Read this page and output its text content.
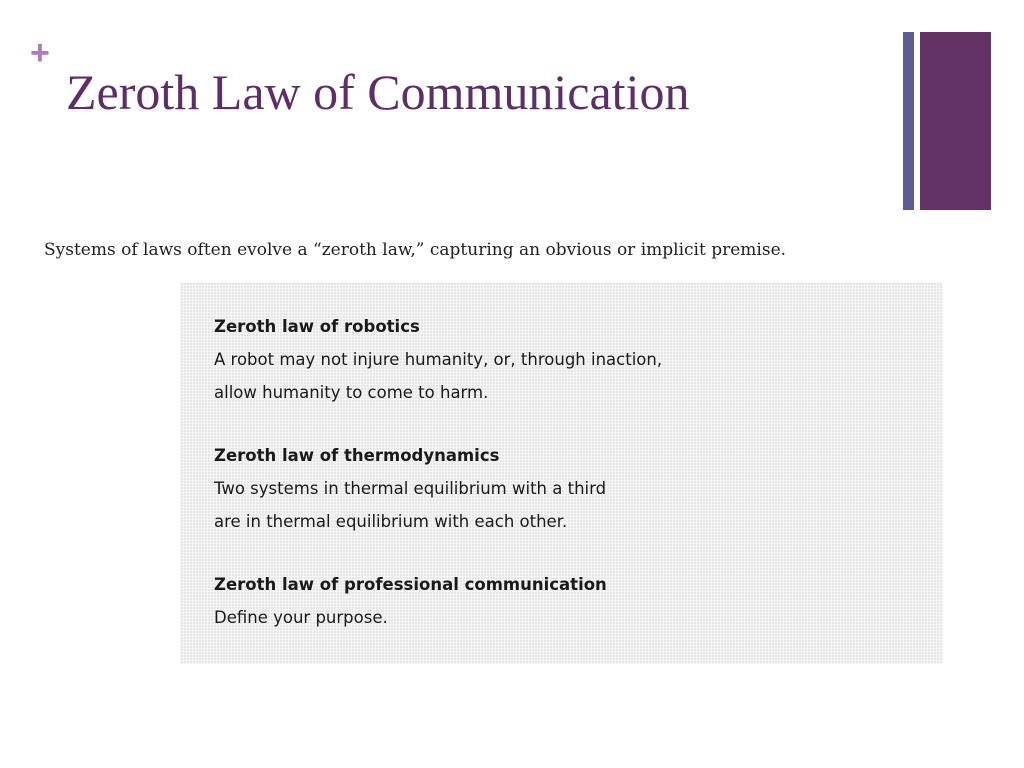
+
Zeroth Law of Communication

Systems of laws often evolve a “zeroth law,” capturing an obvious or implicit premise.

Zeroth law of robotics
A robot may not injure humanity, or, through inaction,
allow humanity to come to harm.
Zeroth law of thermodynamics
Two systems in thermal equilibrium with a third
are in thermal equilibrium with each other.
Zeroth law of professional communication
Define your purpose.
